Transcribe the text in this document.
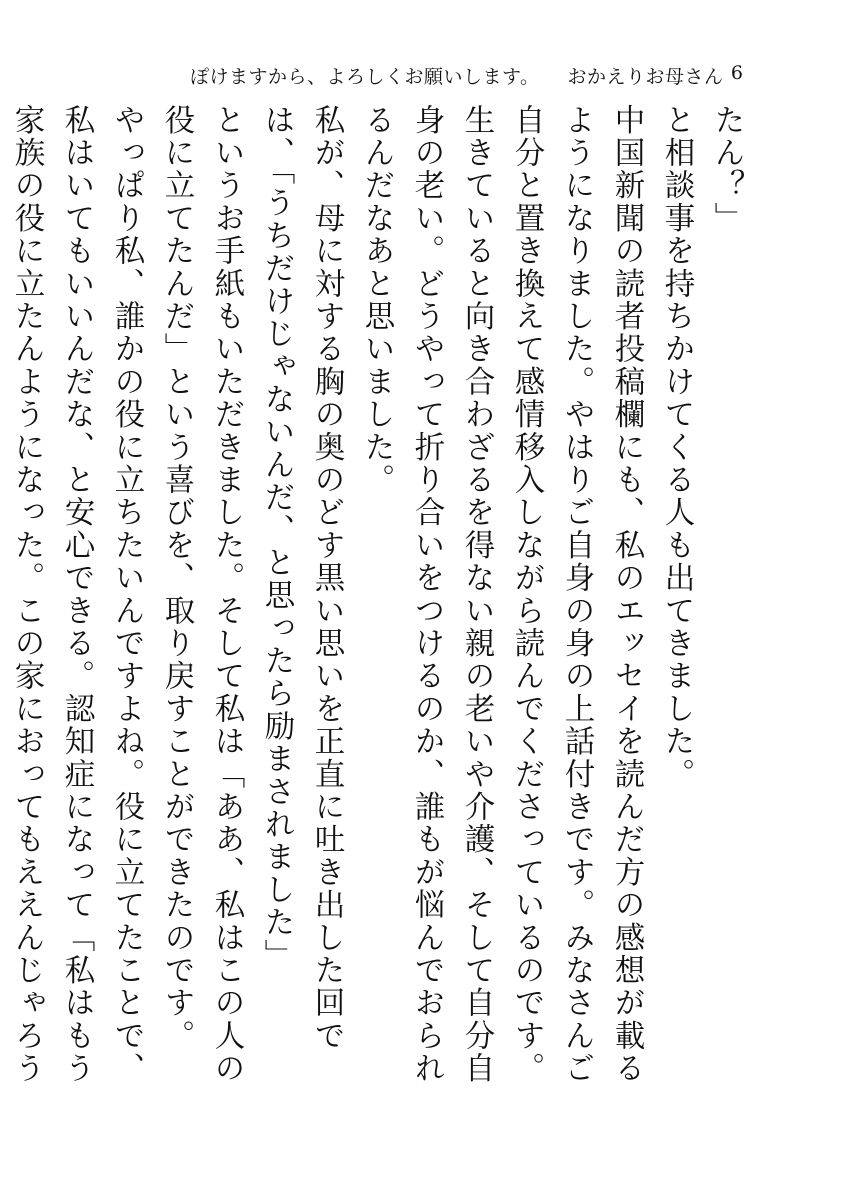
ぽけますから、よろしくお願いします。 おかえりお母さん 6

たん？」

と相談事を持ちかけてくる人も出てきました。

中国新聞の読者投稿欄にも、私のエッセイを読んだ方の感想が載るようになりました。やはりご自身の身の上話付きです。みなさんご自分と置き換えて感情移入しながら読んでくださっているのです。生きていると向き合わざるを得ない親の老いや介護、そして自分自身の老い。どうやって折り合いをつけるのか、誰もが悩んでおられるんだなあと思いました。

私が、母に対する胸の奥のどす黒い思いを正直に吐き出した回では、「うちだけじゃないんだ、と思ったら励まされました」

というお手紙もいただきました。そして私は「ああ、私はこの人の役に立てたんだ」という喜びを、取り戻すことができたのです。

やっぱり私、誰かの役に立ちたいんですよね。役に立てたことで、私はいてもいいんだな、と安心できる。認知症になって「私はもう家族の役に立たんようになった。この家におってもええんじゃろう
